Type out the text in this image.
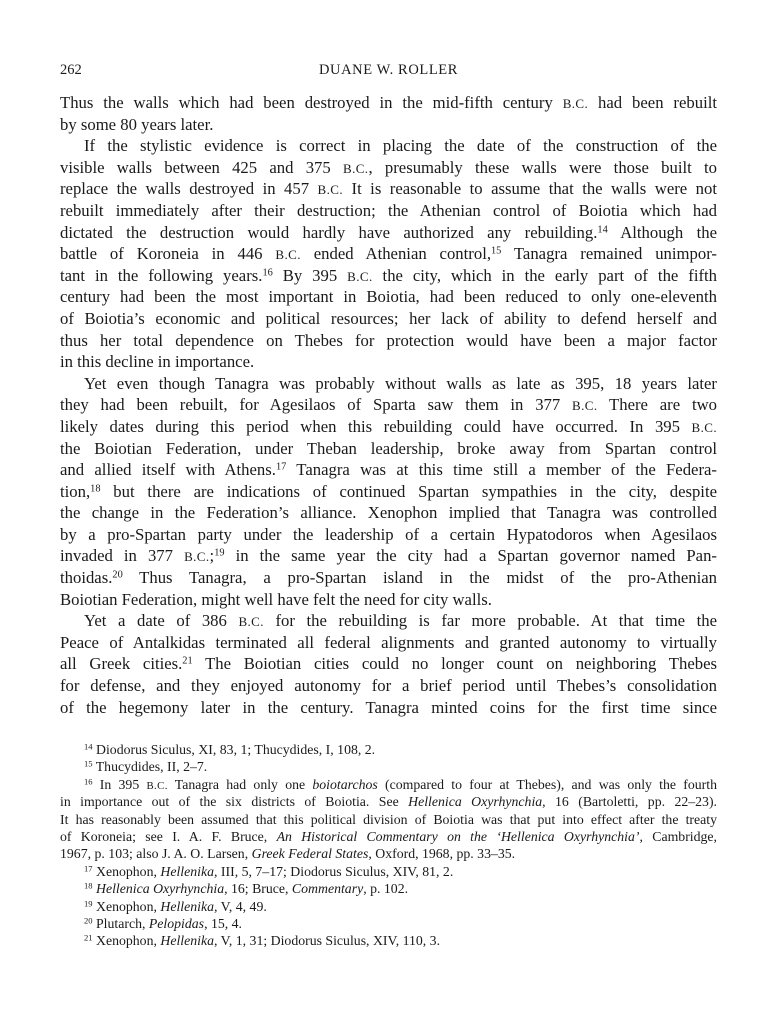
262	DUANE W. ROLLER
Thus the walls which had been destroyed in the mid-fifth century B.C. had been rebuilt
by some 80 years later.
If the stylistic evidence is correct in placing the date of the construction of the
visible walls between 425 and 375 B.C., presumably these walls were those built to
replace the walls destroyed in 457 B.C. It is reasonable to assume that the walls were not
rebuilt immediately after their destruction; the Athenian control of Boiotia which had
dictated the destruction would hardly have authorized any rebuilding.$^{14}$ Although the
battle of Koroneia in 446 B.C. ended Athenian control,$^{15}$ Tanagra remained unimpor-
tant in the following years.$^{16}$ By 395 B.C. the city, which in the early part of the fifth
century had been the most important in Boiotia, had been reduced to only one-eleventh
of Boiotia’s economic and political resources; her lack of ability to defend herself and
thus her total dependence on Thebes for protection would have been a major factor
in this decline in importance.
Yet even though Tanagra was probably without walls as late as 395, 18 years later
they had been rebuilt, for Agesilaos of Sparta saw them in 377 B.C. There are two
likely dates during this period when this rebuilding could have occurred. In 395 B.C.
the Boiotian Federation, under Theban leadership, broke away from Spartan control
and allied itself with Athens.$^{17}$ Tanagra was at this time still a member of the Federa-
tion,$^{18}$ but there are indications of continued Spartan sympathies in the city, despite
the change in the Federation’s alliance. Xenophon implied that Tanagra was controlled
by a pro-Spartan party under the leadership of a certain Hypatodoros when Agesilaos
invaded in 377 B.C.;$^{19}$ in the same year the city had a Spartan governor named Pan-
thoidas.$^{20}$ Thus Tanagra, a pro-Spartan island in the midst of the pro-Athenian
Boiotian Federation, might well have felt the need for city walls.
Yet a date of 386 B.C. for the rebuilding is far more probable. At that time the
Peace of Antalkidas terminated all federal alignments and granted autonomy to virtually
all Greek cities.$^{21}$ The Boiotian cities could no longer count on neighboring Thebes
for defense, and they enjoyed autonomy for a brief period until Thebes’s consolidation
of the hegemony later in the century. Tanagra minted coins for the first time since
$^{14}$ Diodorus Siculus, XI, 83, 1; Thucydides, I, 108, 2.
$^{15}$ Thucydides, II, 2–7.
$^{16}$ In 395 B.C. Tanagra had only one boiotarchos (compared to four at Thebes), and was only the fourth
in importance out of the six districts of Boiotia. See Hellenica Oxyrhynchia, 16 (Bartoletti, pp. 22–23).
It has reasonably been assumed that this political division of Boiotia was that put into effect after the treaty
of Koroneia; see I. A. F. Bruce, An Historical Commentary on the ‘Hellenica Oxyrhynchia’, Cambridge,
1967, p. 103; also J. A. O. Larsen, Greek Federal States, Oxford, 1968, pp. 33–35.
$^{17}$ Xenophon, Hellenika, III, 5, 7–17; Diodorus Siculus, XIV, 81, 2.
$^{18}$ Hellenica Oxyrhynchia, 16; Bruce, Commentary, p. 102.
$^{19}$ Xenophon, Hellenika, V, 4, 49.
$^{20}$ Plutarch, Pelopidas, 15, 4.
$^{21}$ Xenophon, Hellenika, V, 1, 31; Diodorus Siculus, XIV, 110, 3.
